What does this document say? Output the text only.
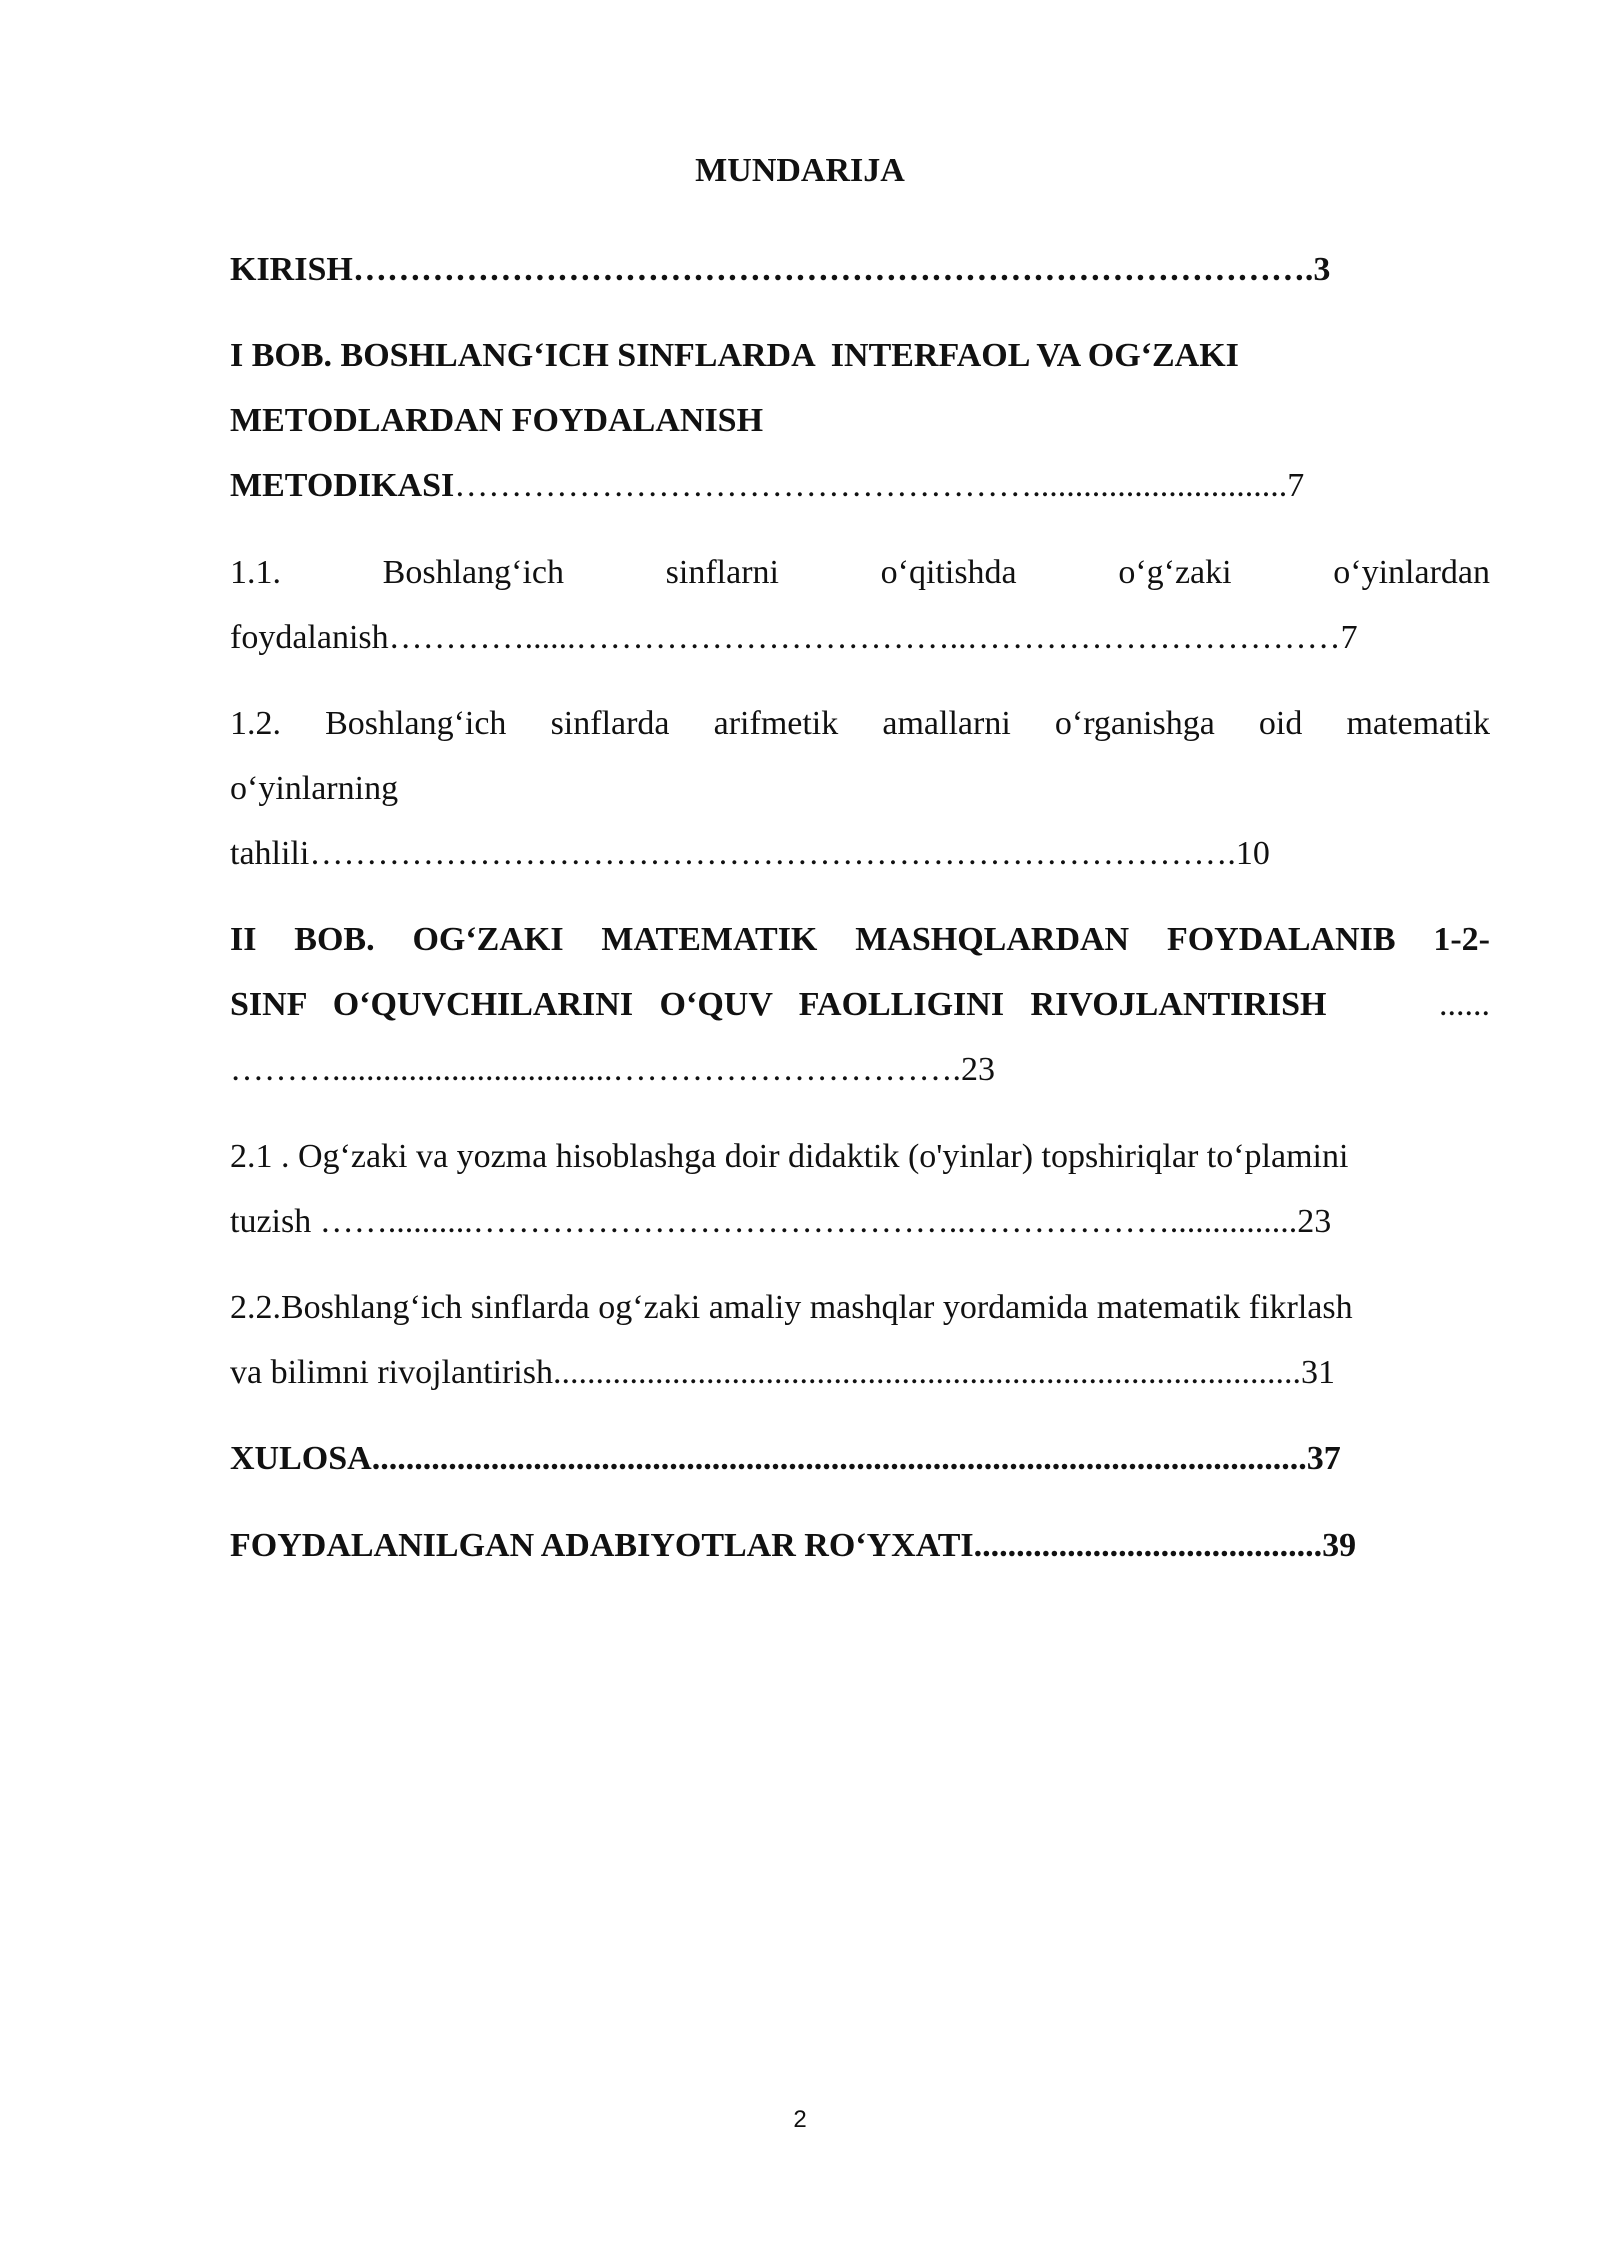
MUNDARIJA
KIRISH………………………………………………………………………….3
I BOB. BOSHLANG‘ICH SINFLARDA  INTERFAOL VA OG‘ZAKI
METODLARDAN FOYDALANISH
METODIKASI……………………………………………..............................7
1.1. Boshlang‘ich sinflarni o‘qitishda o‘g‘zaki o‘yinlardan
foydalanish…………......……………………………..……………………………7
1.2. Boshlang‘ich sinflarda arifmetik amallarni o‘rganishga oid matematik
o‘yinlarning
tahlili……………………………………………………………………….10
II BOB. OG‘ZAKI MATEMATIK MASHQLARDAN FOYDALANIB 1-2-
SINF O‘QUVCHILARINI O‘QUV FAOLLIGINI RIVOJLANTIRISH	......
……….................................………………………….23
2.1 . Og‘zaki va yozma hisoblashga doir didaktik (o'yinlar) topshiriqlar to‘plamini
tuzish ……..........……………………………………..………………...............23
2.2.Boshlang‘ich sinflarda og‘zaki amaliy mashqlar yordamida matematik fikrlash
va bilimni rivojlantirish........................................................................................31
XULOSA..............................................................................................................37
FOYDALANILGAN ADABIYOTLAR RO‘YXATI.........................................39
2
